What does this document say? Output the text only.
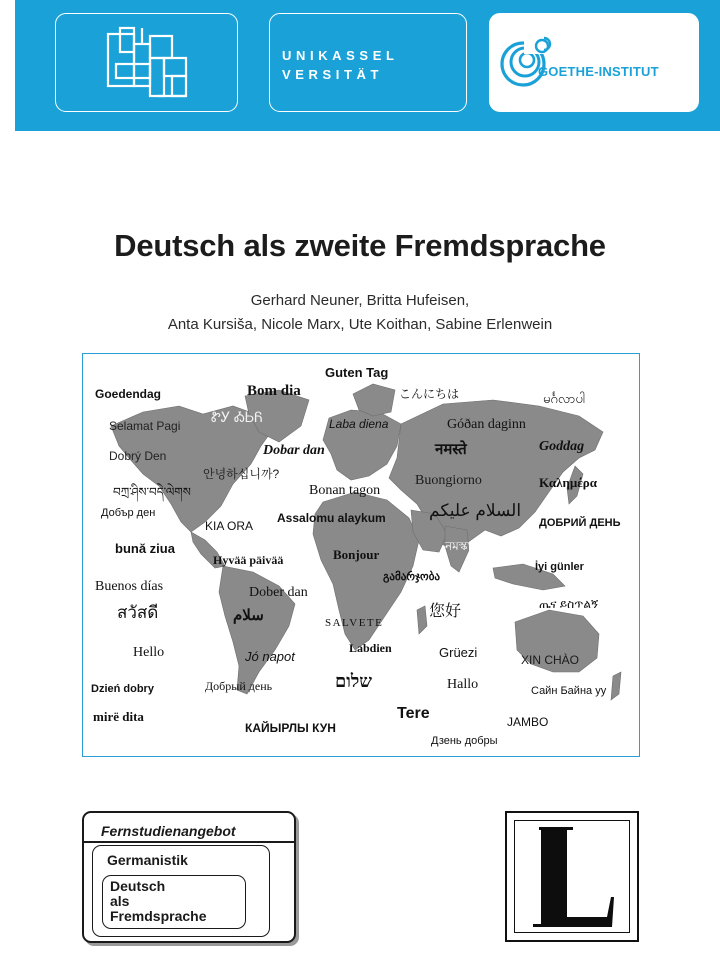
UNIKASSEL
VERSITÄT	GOETHE-INSTITUT
Deutsch als zweite Fremdsprache
Gerhard Neuner, Britta Hufeisen,
Anta Kursiša, Nicole Marx, Ute Koithan, Sabine Erlenwein
Guten Tag
Goedendag	Bom dia	こんにちは	မင်္ဂလာပါ
ᏑᎩ ᎣᏏᏲ
Selamat Pagi	Laba diena	Góðan daginn
Dobar dan
Dobrý Den	नमस्ते	Goddag
안녕하십니까?
བཀྲ་ཤིས་བདེ་ལེགས	Bonan tagon
Buongiorno	Καλημέρα
Добър ден	السلام عليكم
KIA ORA
Assalomu alaykum	ДОБРИЙ ДЕНЬ
bună ziua
Hyvää päivää	Bonjour
নমস্কার
İyi günler
Buenos días	Dober dan
გამარჯობა
สวัสดี	سلام	SALVETE
您好	ጤና ይስጥልኝ
Hello	Jó napot
Labdien	Grüezi	XIN CHÀO
Dzień dobry	Добрый день	שלום	Hallo	Сайн Байна уу
mirë dita	Tere	JAMBO
КАЙЫРЛЫ КУН
Дзень добры
Fernstudienangebot
Germanistik
Deutsch
als
Fremdsprache
